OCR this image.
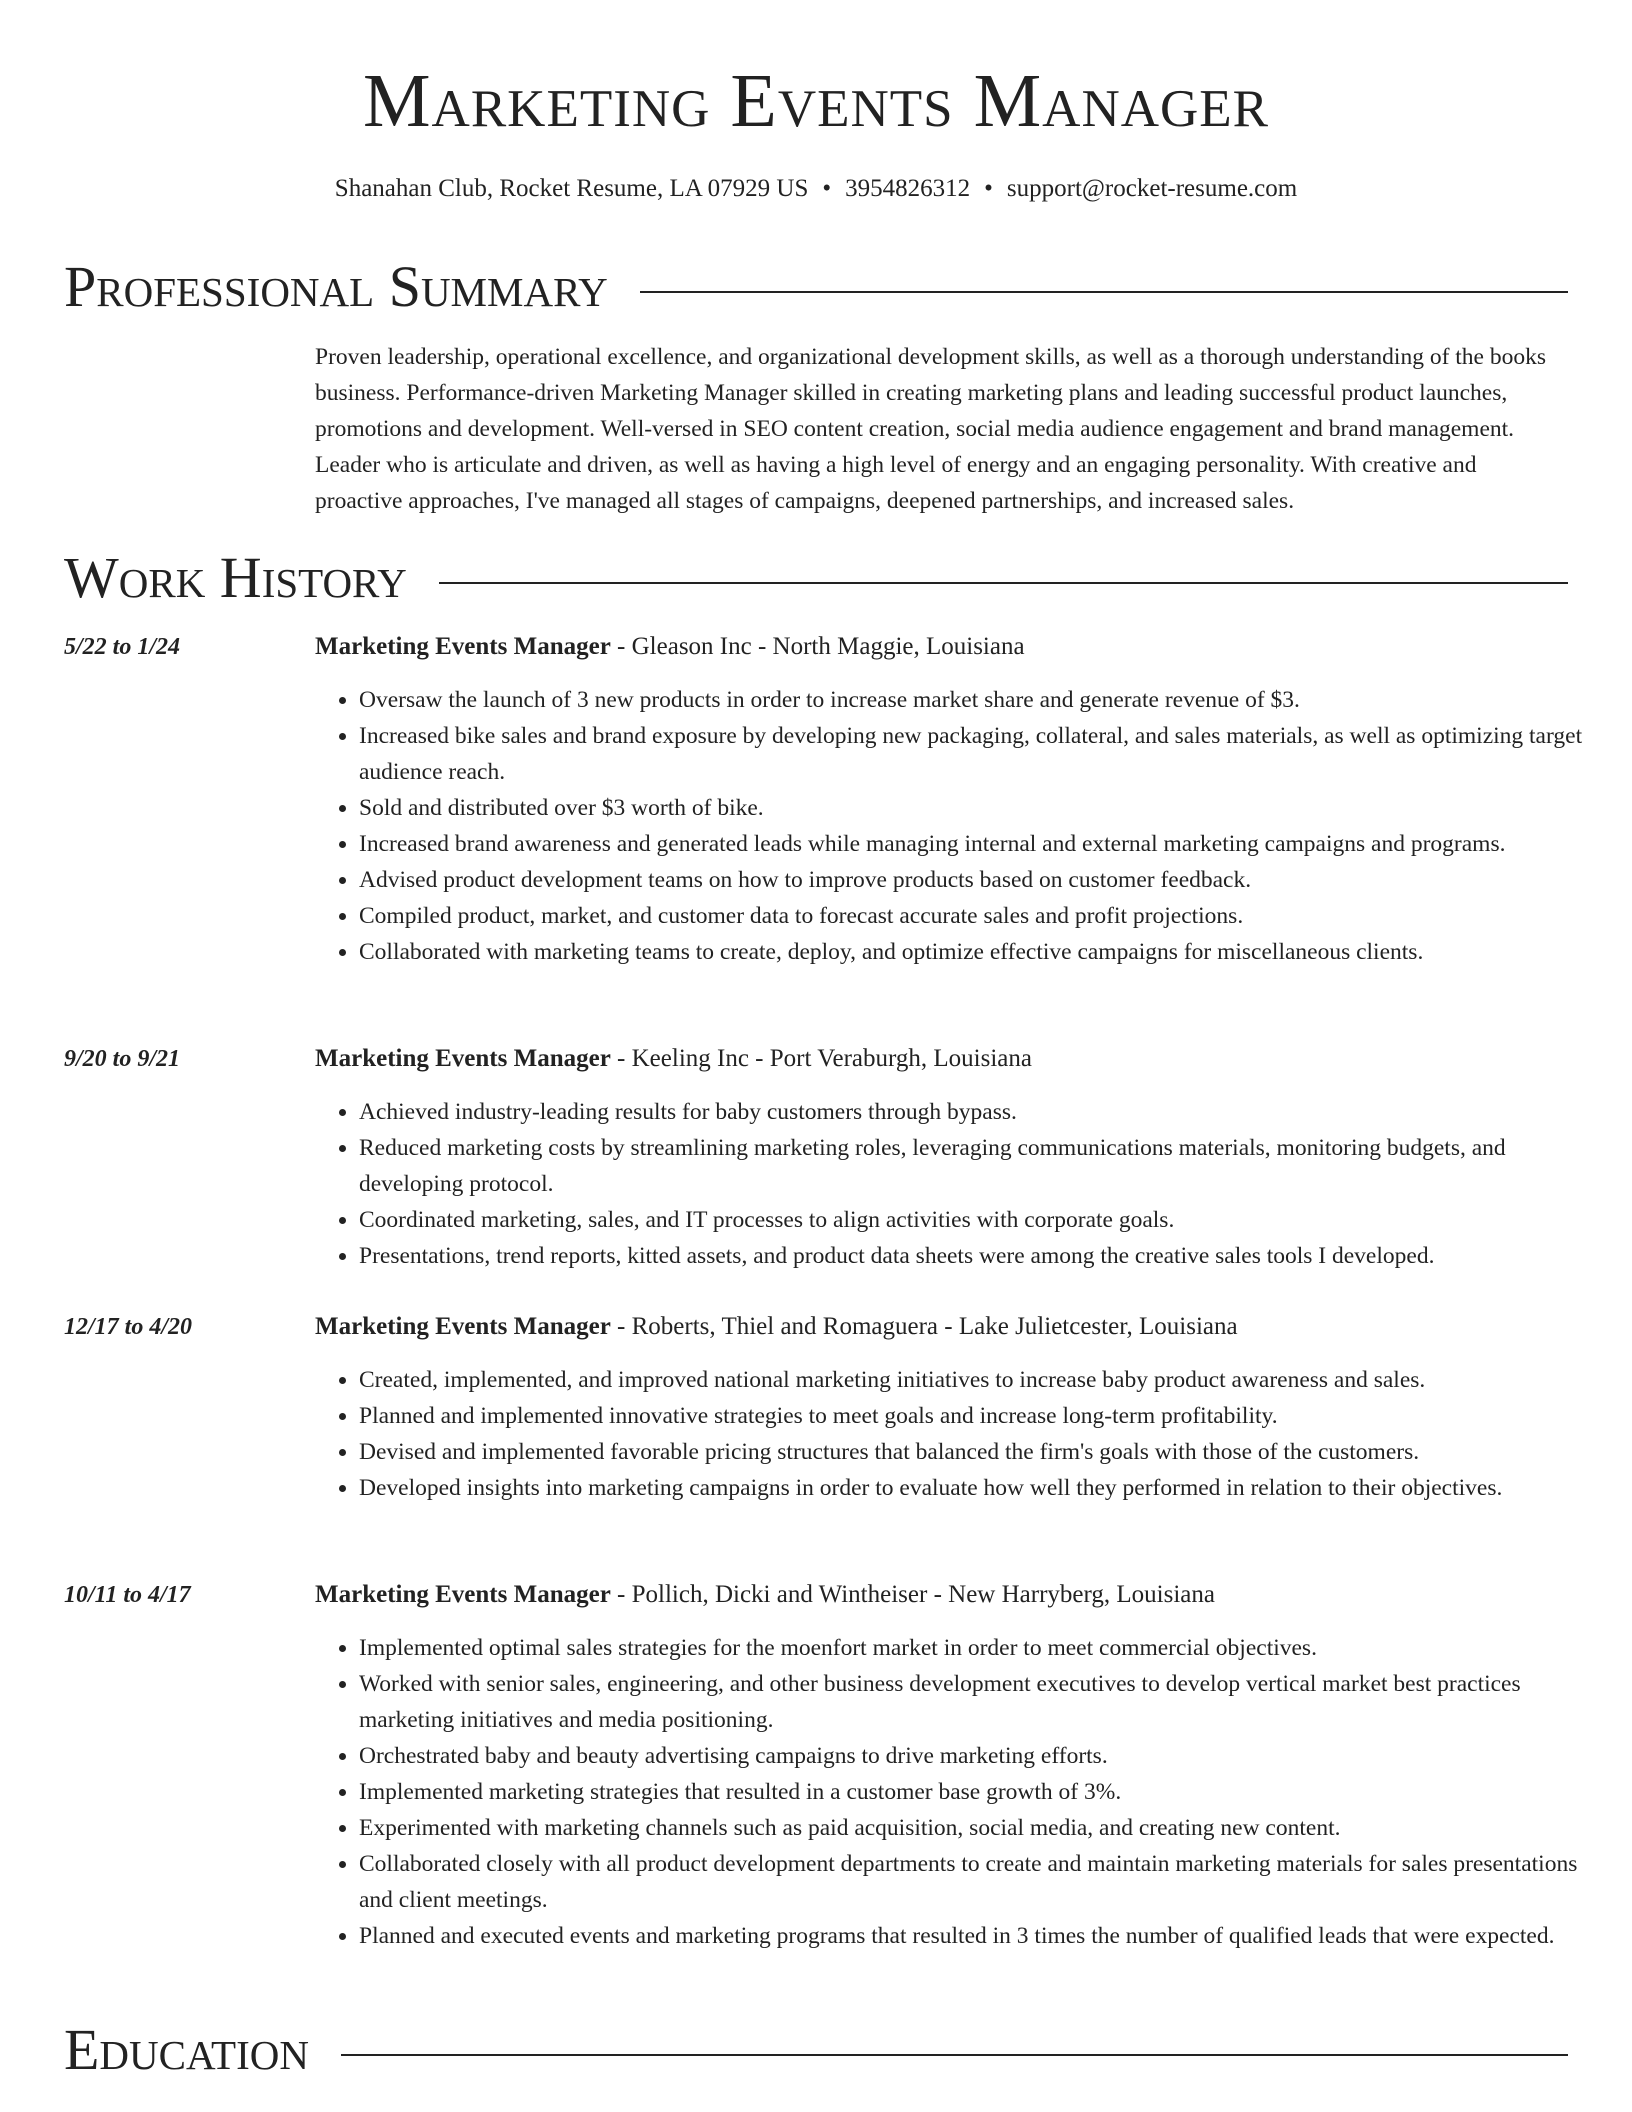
Marketing Events Manager
Shanahan Club, Rocket Resume, LA 07929 US • 3954826312 • support@rocket-resume.com
Professional Summary
Proven leadership, operational excellence, and organizational development skills, as well as a thorough understanding of the books business. Performance-driven Marketing Manager skilled in creating marketing plans and leading successful product launches, promotions and development. Well-versed in SEO content creation, social media audience engagement and brand management. Leader who is articulate and driven, as well as having a high level of energy and an engaging personality. With creative and proactive approaches, I've managed all stages of campaigns, deepened partnerships, and increased sales.
Work History
5/22 to 1/24	Marketing Events Manager - Gleason Inc - North Maggie, Louisiana
• Oversaw the launch of 3 new products in order to increase market share and generate revenue of $3.
• Increased bike sales and brand exposure by developing new packaging, collateral, and sales materials, as well as optimizing target audience reach.
• Sold and distributed over $3 worth of bike.
• Increased brand awareness and generated leads while managing internal and external marketing campaigns and programs.
• Advised product development teams on how to improve products based on customer feedback.
• Compiled product, market, and customer data to forecast accurate sales and profit projections.
• Collaborated with marketing teams to create, deploy, and optimize effective campaigns for miscellaneous clients.
9/20 to 9/21	Marketing Events Manager - Keeling Inc - Port Veraburgh, Louisiana
• Achieved industry-leading results for baby customers through bypass.
• Reduced marketing costs by streamlining marketing roles, leveraging communications materials, monitoring budgets, and developing protocol.
• Coordinated marketing, sales, and IT processes to align activities with corporate goals.
• Presentations, trend reports, kitted assets, and product data sheets were among the creative sales tools I developed.
12/17 to 4/20	Marketing Events Manager - Roberts, Thiel and Romaguera - Lake Julietcester, Louisiana
• Created, implemented, and improved national marketing initiatives to increase baby product awareness and sales.
• Planned and implemented innovative strategies to meet goals and increase long-term profitability.
• Devised and implemented favorable pricing structures that balanced the firm's goals with those of the customers.
• Developed insights into marketing campaigns in order to evaluate how well they performed in relation to their objectives.
10/11 to 4/17	Marketing Events Manager - Pollich, Dicki and Wintheiser - New Harryberg, Louisiana
• Implemented optimal sales strategies for the moenfort market in order to meet commercial objectives.
• Worked with senior sales, engineering, and other business development executives to develop vertical market best practices marketing initiatives and media positioning.
• Orchestrated baby and beauty advertising campaigns to drive marketing efforts.
• Implemented marketing strategies that resulted in a customer base growth of 3%.
• Experimented with marketing channels such as paid acquisition, social media, and creating new content.
• Collaborated closely with all product development departments to create and maintain marketing materials for sales presentations and client meetings.
• Planned and executed events and marketing programs that resulted in 3 times the number of qualified leads that were expected.
Education
